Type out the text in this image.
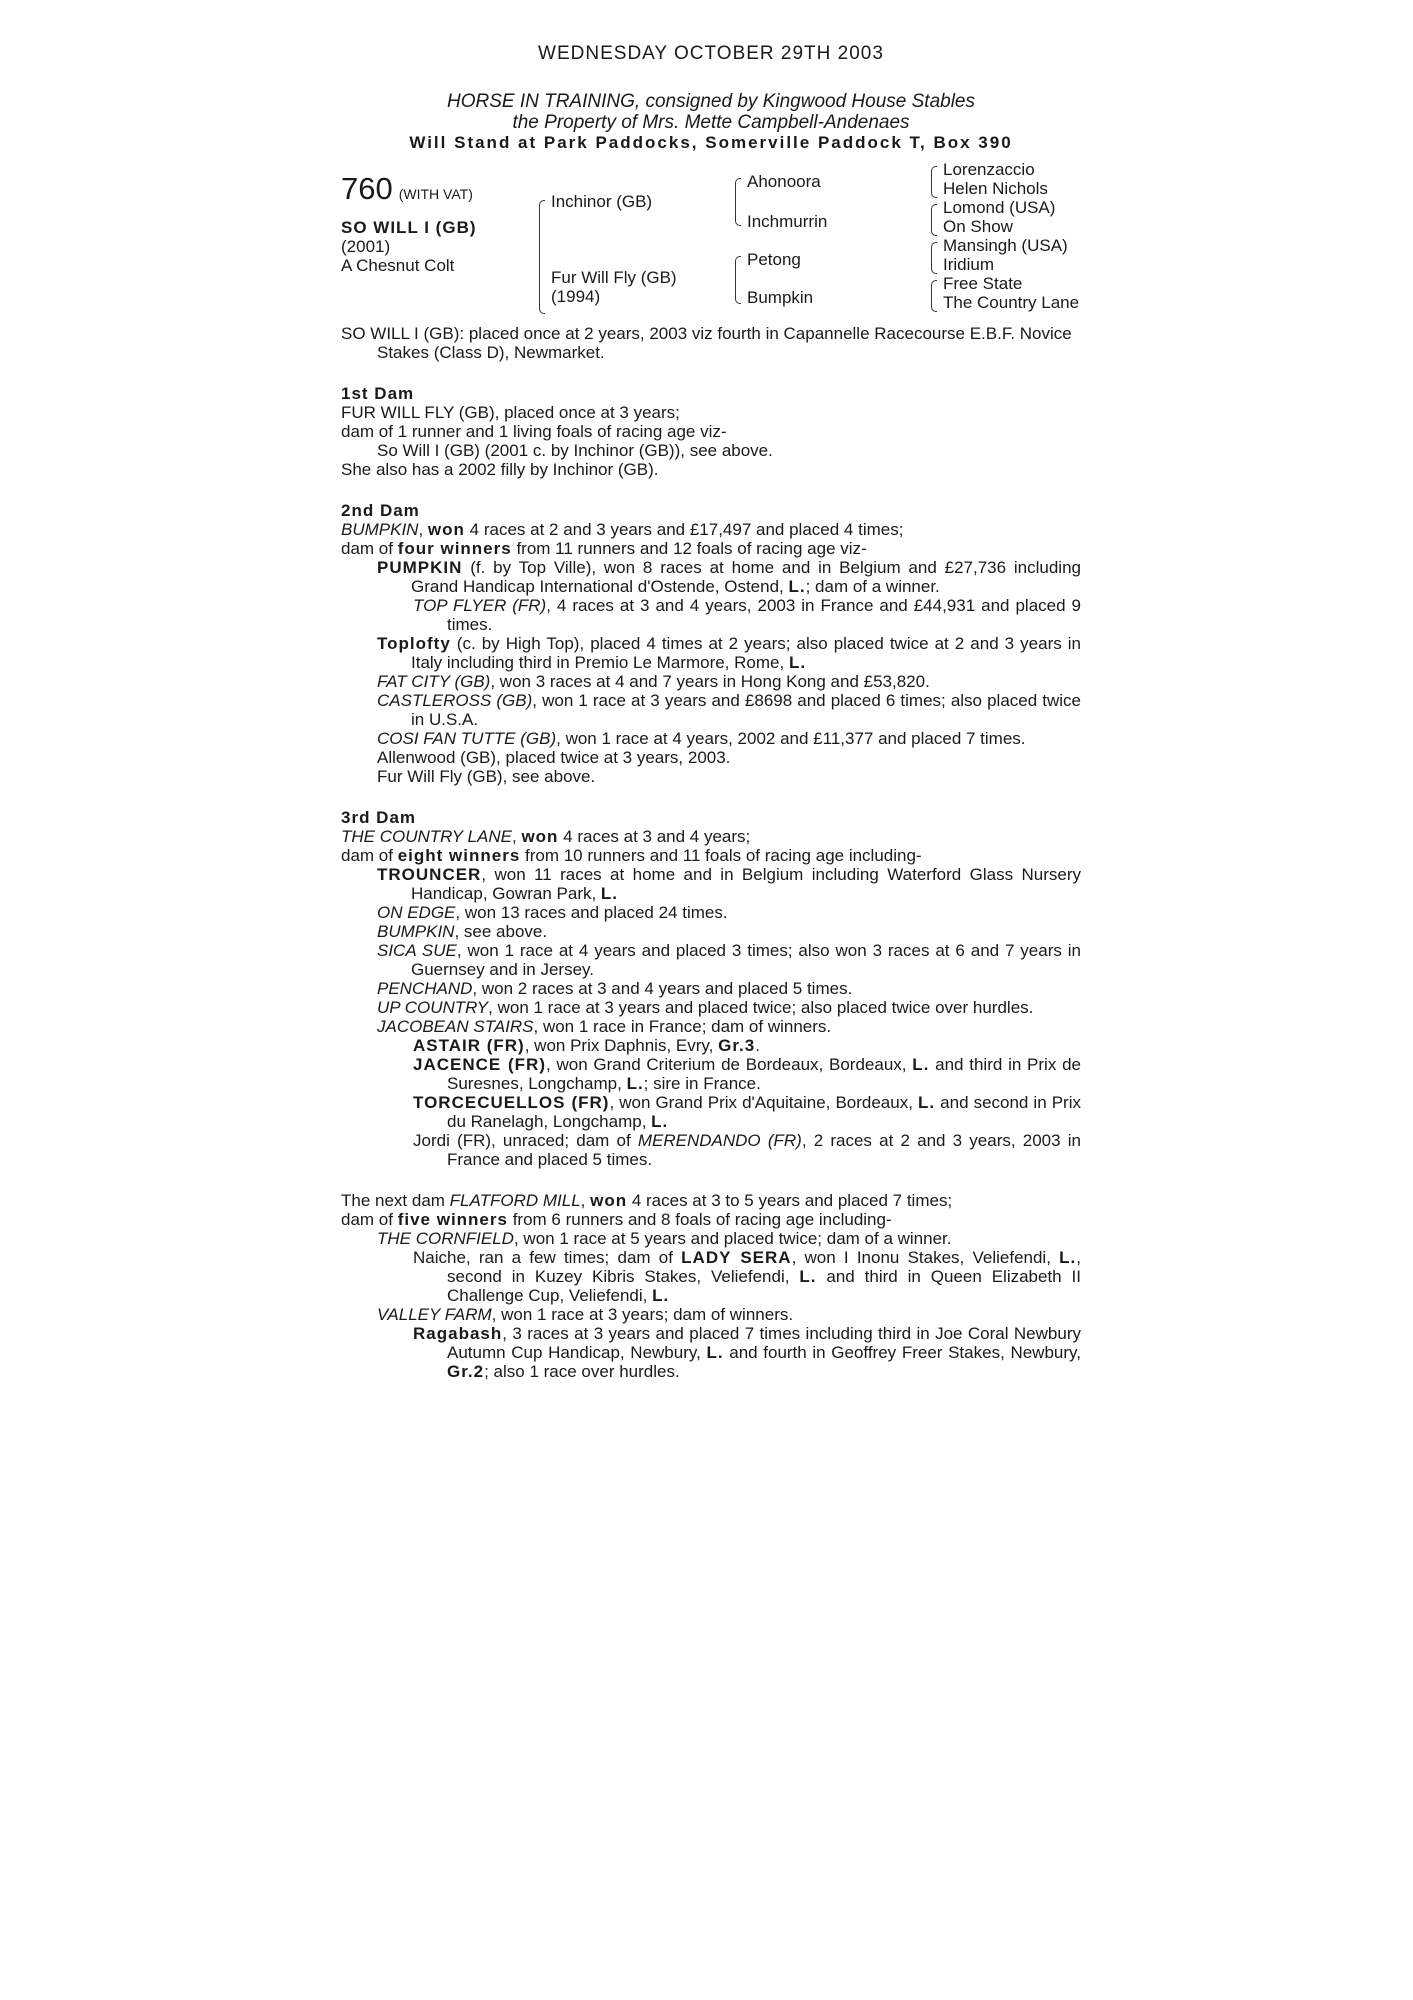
WEDNESDAY OCTOBER 29TH 2003
HORSE IN TRAINING, consigned by Kingwood House Stables
the Property of Mrs. Mette Campbell-Andenaes
Will Stand at Park Paddocks, Somerville Paddock T, Box 390
760 (WITH VAT)
SO WILL I (GB)
(2001)
A Chesnut Colt
Inchinor (GB)
Fur Will Fly (GB)
(1994)
Ahonoora
Inchmurrin
Petong
Bumpkin
Lorenzaccio
Helen Nichols
Lomond (USA)
On Show
Mansingh (USA)
Iridium
Free State
The Country Lane
SO WILL I (GB): placed once at 2 years, 2003 viz fourth in Capannelle Racecourse E.B.F. Novice Stakes (Class D), Newmarket.
1st Dam
FUR WILL FLY (GB), placed once at 3 years;
dam of 1 runner and 1 living foals of racing age viz-
So Will I (GB) (2001 c. by Inchinor (GB)), see above.
She also has a 2002 filly by Inchinor (GB).
2nd Dam
BUMPKIN, won 4 races at 2 and 3 years and £17,497 and placed 4 times;
dam of four winners from 11 runners and 12 foals of racing age viz-
PUMPKIN (f. by Top Ville), won 8 races at home and in Belgium and £27,736 including Grand Handicap International d'Ostende, Ostend, L.; dam of a winner.
TOP FLYER (FR), 4 races at 3 and 4 years, 2003 in France and £44,931 and placed 9 times.
Toplofty (c. by High Top), placed 4 times at 2 years; also placed twice at 2 and 3 years in Italy including third in Premio Le Marmore, Rome, L.
FAT CITY (GB), won 3 races at 4 and 7 years in Hong Kong and £53,820.
CASTLEROSS (GB), won 1 race at 3 years and £8698 and placed 6 times; also placed twice in U.S.A.
COSI FAN TUTTE (GB), won 1 race at 4 years, 2002 and £11,377 and placed 7 times.
Allenwood (GB), placed twice at 3 years, 2003.
Fur Will Fly (GB), see above.
3rd Dam
THE COUNTRY LANE, won 4 races at 3 and 4 years;
dam of eight winners from 10 runners and 11 foals of racing age including-
TROUNCER, won 11 races at home and in Belgium including Waterford Glass Nursery Handicap, Gowran Park, L.
ON EDGE, won 13 races and placed 24 times.
BUMPKIN, see above.
SICA SUE, won 1 race at 4 years and placed 3 times; also won 3 races at 6 and 7 years in Guernsey and in Jersey.
PENCHAND, won 2 races at 3 and 4 years and placed 5 times.
UP COUNTRY, won 1 race at 3 years and placed twice; also placed twice over hurdles.
JACOBEAN STAIRS, won 1 race in France; dam of winners.
ASTAIR (FR), won Prix Daphnis, Evry, Gr.3.
JACENCE (FR), won Grand Criterium de Bordeaux, Bordeaux, L. and third in Prix de Suresnes, Longchamp, L.; sire in France.
TORCECUELLOS (FR), won Grand Prix d'Aquitaine, Bordeaux, L. and second in Prix du Ranelagh, Longchamp, L.
Jordi (FR), unraced; dam of MERENDANDO (FR), 2 races at 2 and 3 years, 2003 in France and placed 5 times.
The next dam FLATFORD MILL, won 4 races at 3 to 5 years and placed 7 times;
dam of five winners from 6 runners and 8 foals of racing age including-
THE CORNFIELD, won 1 race at 5 years and placed twice; dam of a winner.
Naiche, ran a few times; dam of LADY SERA, won I Inonu Stakes, Veliefendi, L., second in Kuzey Kibris Stakes, Veliefendi, L. and third in Queen Elizabeth II Challenge Cup, Veliefendi, L.
VALLEY FARM, won 1 race at 3 years; dam of winners.
Ragabash, 3 races at 3 years and placed 7 times including third in Joe Coral Newbury Autumn Cup Handicap, Newbury, L. and fourth in Geoffrey Freer Stakes, Newbury, Gr.2; also 1 race over hurdles.
